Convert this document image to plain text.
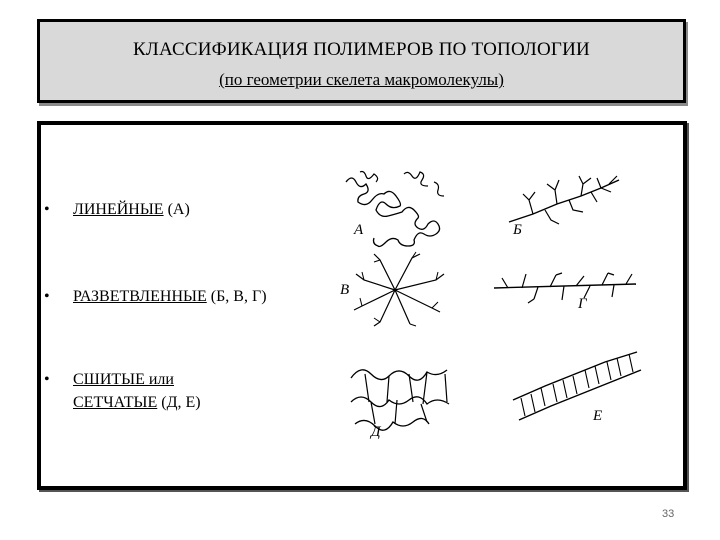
КЛАССИФИКАЦИЯ ПОЛИМЕРОВ ПО ТОПОЛОГИИ
(по геометрии скелета макромолекулы)
• ЛИНЕЙНЫЕ (А)
• РАЗВЕТВЛЕННЫЕ (Б, В, Г)
• СШИТЫЕ или
СЕТЧАТЫЕ (Д, Е)
А	Б
В
Г
Д
Е
33
